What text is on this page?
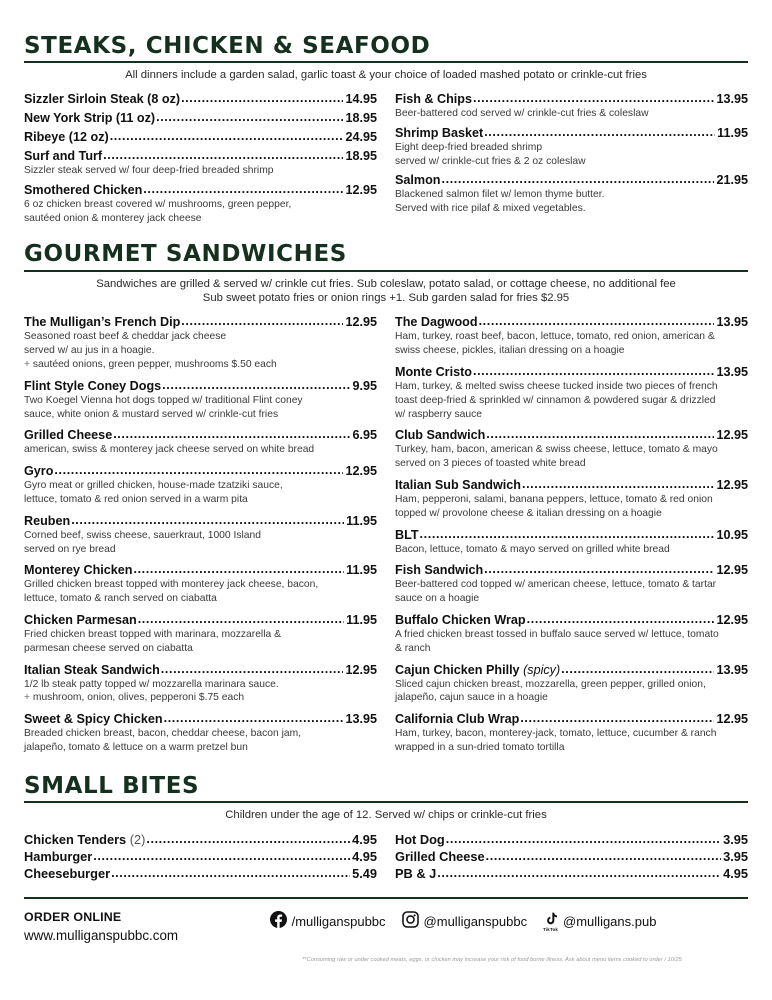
STEAKS, CHICKEN & SEAFOOD
All dinners include a garden salad, garlic toast & your choice of loaded mashed potato or crinkle-cut fries
Sizzler Sirloin Steak (8 oz) .....	14.95
New York Strip (11 oz) .....	18.95
Ribeye (12 oz) .....	24.95
Surf and Turf .....	18.95
Sizzler steak served w/ four deep-fried breaded shrimp
Smothered Chicken .....	12.95
6 oz chicken breast covered w/ mushrooms, green pepper,
sautéed onion & monterey jack cheese
Fish & Chips .....	13.95
Beer-battered cod served w/ crinkle-cut fries & coleslaw
Shrimp Basket .....	11.95
Eight deep-fried breaded shrimp
served w/ crinkle-cut fries & 2 oz coleslaw
Salmon .....	21.95
Blackened salmon filet w/ lemon thyme butter.
Served with rice pilaf & mixed vegetables.
GOURMET SANDWICHES
Sandwiches are grilled & served w/ crinkle cut fries. Sub coleslaw, potato salad, or cottage cheese, no additional fee
Sub sweet potato fries or onion rings +1. Sub garden salad for fries $2.95
The Mulligan’s French Dip .....	12.95
Seasoned roast beef & cheddar jack cheese
served w/ au jus in a hoagie.
+ sautéed onions, green pepper, mushrooms $.50 each
Flint Style Coney Dogs .....	9.95
Two Koegel Vienna hot dogs topped w/ traditional Flint coney
sauce, white onion & mustard served w/ crinkle-cut fries
Grilled Cheese .....	6.95
american, swiss & monterey jack cheese served on white bread
Gyro .....	12.95
Gyro meat or grilled chicken, house-made tzatziki sauce,
lettuce, tomato & red onion served in a warm pita
Reuben .....	11.95
Corned beef, swiss cheese, sauerkraut, 1000 Island
served on rye bread
Monterey Chicken .....	11.95
Grilled chicken breast topped with monterey jack cheese, bacon,
lettuce, tomato & ranch served on ciabatta
Chicken Parmesan .....	11.95
Fried chicken breast topped with marinara, mozzarella &
parmesan cheese served on ciabatta
Italian Steak Sandwich .....	12.95
1/2 lb steak patty topped w/ mozzarella marinara sauce.
+ mushroom, onion, olives, pepperoni $.75 each
Sweet & Spicy Chicken .....	13.95
Breaded chicken breast, bacon, cheddar cheese, bacon jam,
jalapeño, tomato & lettuce on a warm pretzel bun
The Dagwood .....	13.95
Ham, turkey, roast beef, bacon, lettuce, tomato, red onion, american &
swiss cheese, pickles, italian dressing on a hoagie
Monte Cristo .....	13.95
Ham, turkey, & melted swiss cheese tucked inside two pieces of french
toast deep-fried & sprinkled w/ cinnamon & powdered sugar & drizzled
w/ raspberry sauce
Club Sandwich .....	12.95
Turkey, ham, bacon, american & swiss cheese, lettuce, tomato & mayo
served on 3 pieces of toasted white bread
Italian Sub Sandwich .....	12.95
Ham, pepperoni, salami, banana peppers, lettuce, tomato & red onion
topped w/ provolone cheese & italian dressing on a hoagie
BLT .....	10.95
Bacon, lettuce, tomato & mayo served on grilled white bread
Fish Sandwich .....	12.95
Beer-battered cod topped w/ american cheese, lettuce, tomato & tartar
sauce on a hoagie
Buffalo Chicken Wrap .....	12.95
A fried chicken breast tossed in buffalo sauce served w/ lettuce, tomato
& ranch
Cajun Chicken Philly (spicy) .....	13.95
Sliced cajun chicken breast, mozzarella, green pepper, grilled onion,
jalapeño, cajun sauce in a hoagie
California Club Wrap .....	12.95
Ham, turkey, bacon, monterey-jack, tomato, lettuce, cucumber & ranch
wrapped in a sun-dried tomato tortilla
SMALL BITES
Children under the age of 12. Served w/ chips or crinkle-cut fries
Chicken Tenders (2) .....	4.95
Hamburger .....	4.95
Cheeseburger .....	5.49
Hot Dog .....	3.95
Grilled Cheese .....	3.95
PB & J .....	4.95
ORDER ONLINE
www.mulliganspubbc.com
/mulliganspubbc	@mulliganspubbc	TikTok @mulligans.pub
**Consuming raw or under cooked meats, eggs, or chicken may increase your risk of food borne illness. Ask about menu items cooked to order / 10/25
